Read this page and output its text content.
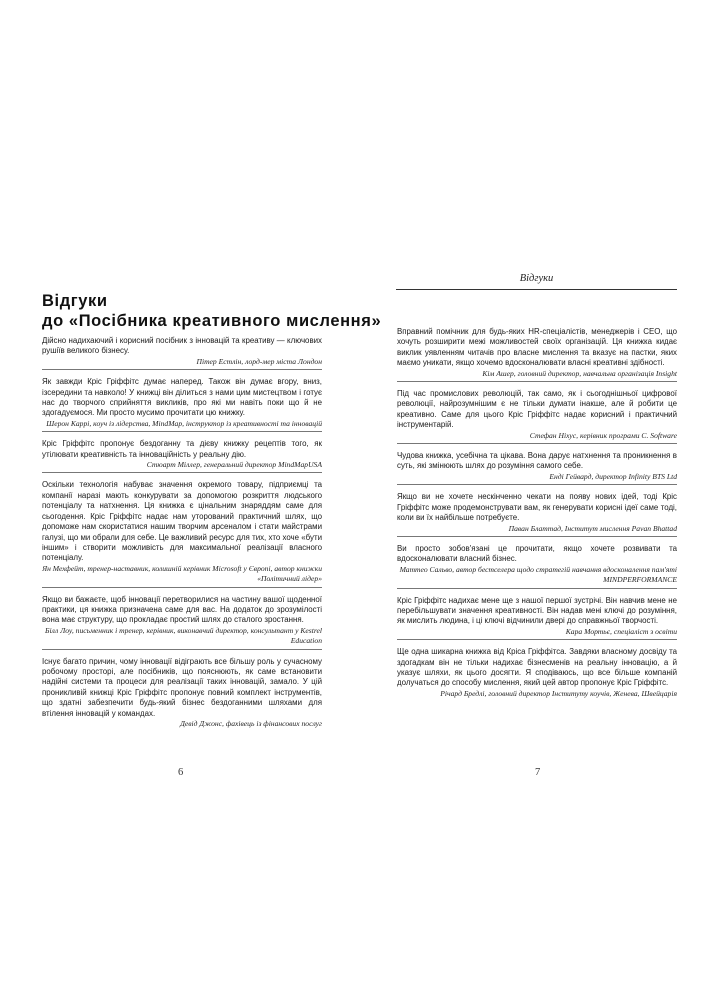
Відгуки
до «Посібника креативного мислення»
Дійсно надихаючий і корисний посібник з інновацій та креативу — ключових рушіїв великого бізнесу.
Пітер Естлін, лорд-мер міста Лондон
Як завжди Кріс Гріффітс думає наперед. Також він думає вгору, вниз, ізсередини та навколо! У книжці він ділиться з нами цим мистецтвом і готує нас до творчого сприйняття викликів, про які ми навіть поки що й не здогадуємося. Ми просто мусимо прочитати цю книжку.
Шерон Каррі, коуч із лідерства, MindMap, інструктор із креативності та інновацій
Кріс Гріффітс пропонує бездоганну та дієву книжку рецептів того, як утілювати креативність та інноваційність у реальну дію.
Стюарт Міллер, генеральний директор MindMapUSA
Оскільки технологія набуває значення окремого товару, підприємці та компанії наразі мають конкурувати за допомогою розкриття людського потенціалу та натхнення. Ця книжка є цінальним знаряддям саме для сьогодення. Кріс Гріффітс надає нам уторований практичний шлях, що допоможе нам скористатися нашим творчим арсеналом і стати майстрами галузі, що ми обрали для себе. Це важливий ресурс для тих, хто хоче «бути іншим» і створити можливість для максимальної реалізації власного потенціалу.
Ян Мехфейт, тренер-наставник, колишній керівник Microsoft у Європі, автор книжки «Політичний лідер»
Якщо ви бажаєте, щоб інновації перетворилися на частину вашої щоденної практики, ця книжка призначена саме для вас. На додаток до зрозумілості вона має структуру, що прокладає простий шлях до сталого зростання.
Білл Лоу, письменник і тренер, керівник, виконавчий директор, консультант у Kestrel Education
Існує багато причин, чому інновації відіграють все більшу роль у сучасному робочому просторі, але посібників, що пояснюють, як саме встановити надійні системи та процеси для реалізації таких інновацій, замало. У цій проникливій книжці Кріс Гріффітс пропонує повний комплект інструментів, що здатні забезпечити будь-який бізнес бездоганними шляхами для втілення інновацій у командах.
Девід Джонс, фахівець із фінансових послуг
6
Відгуки
Вправний помічник для будь-яких HR-спеціалістів, менеджерів і CEO, що хочуть розширити межі можливостей своїх організацій. Ця книжка кидає виклик уявленням читачів про власне мислення та вказує на пастки, яких маємо уникати, якщо хочемо вдосконалювати власні креативні здібності.
Кім Ашер, головний директор, навчальна організація Insight
Під час промислових революцій, так само, як і сьогоднішньої цифрової революції, найрозумнішим є не тільки думати інакше, але й робити це креативно. Саме для цього Кріс Гріффітс надає корисний і практичний інструментарій.
Стефан Ніхус, керівник програми C. Software
Чудова книжка, усебічна та цікава. Вона дарує натхнення та проникнення в суть, які змінюють шлях до розуміння самого себе.
Енді Гейвард, директор Infinity BTS Ltd
Якщо ви не хочете нескінченно чекати на появу нових ідей, тоді Кріс Гріффітс може продемонструвати вам, як генерувати корисні ідеї саме тоді, коли ви їх найбільше потребуєте.
Паван Блаттад, Інститут мислення Pavan Bhattad
Ви просто зобов'язані це прочитати, якщо хочете розвивати та вдосконалювати власний бізнес.
Маттео Сальво, автор бестселера щодо стратегій навчання вдосконалення пам'яті MINDPERFORMANCE
Кріс Гріффітс надихає мене ще з нашої першої зустрічі. Він навчив мене не перебільшувати значення креативності. Він надав мені ключі до розуміння, як мислить людина, і ці ключі відчинили двері до справжньої творчості.
Кара Мортьє, спеціаліст з освіти
Ще одна шикарна книжка від Кріса Гріффітса. Завдяки власному досвіду та здогадкам він не тільки надихає бізнесменів на реальну інновацію, а й указує шляхи, як цього досягти. Я сподіваюсь, що все більше компаній долучаться до способу мислення, який цей автор пропонує Кріс Гріффітс.
Річард Бредлі, головний директор Інституту коучів, Женева, Швейцарія
7
